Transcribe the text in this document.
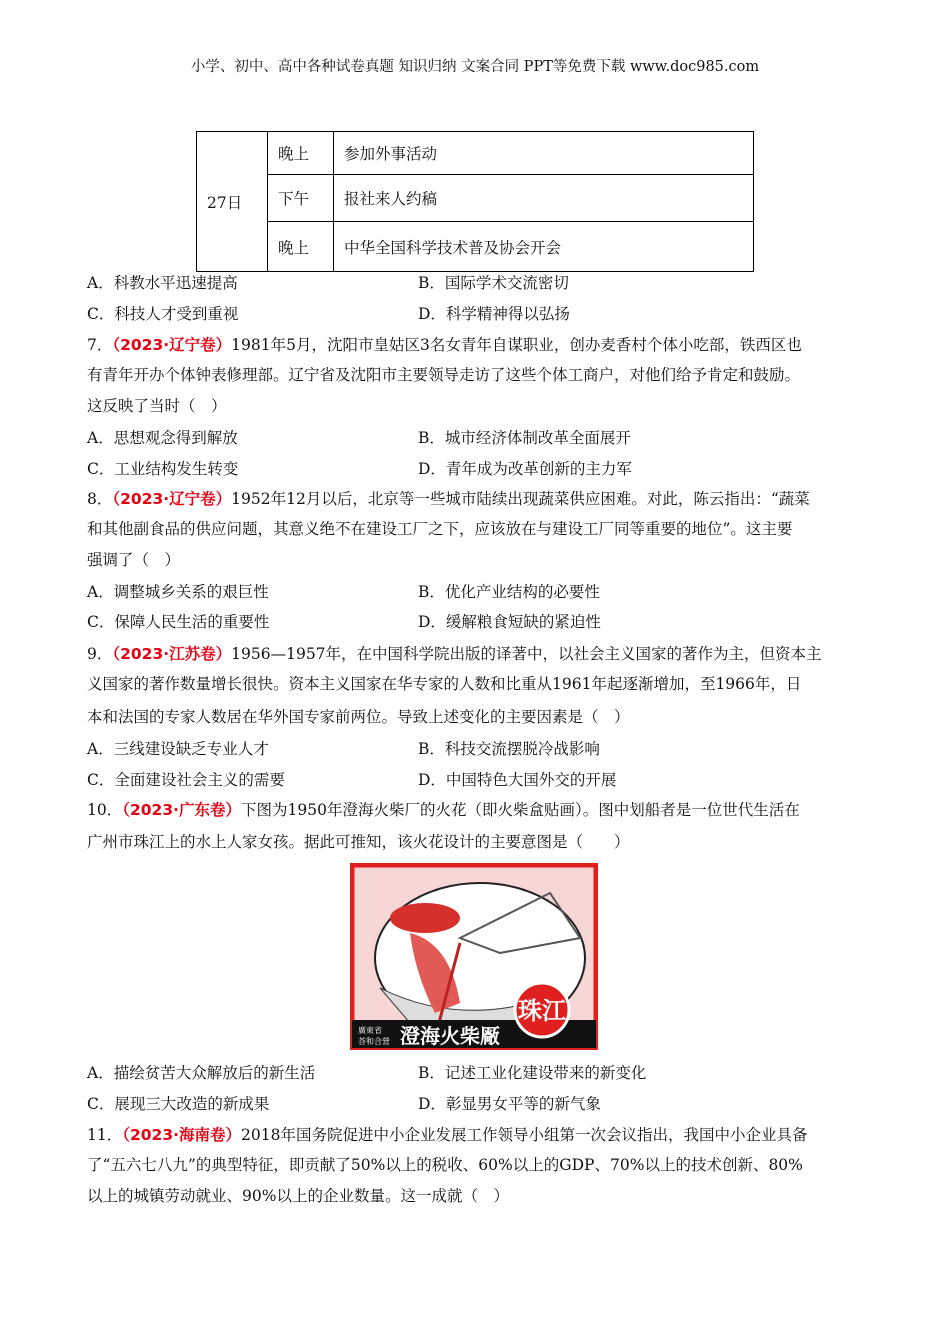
小学、初中、高中各种试卷真题 知识归纳 文案合同 PPT等免费下载 www.doc985.com
27日	晚上	参加外事活动
	下午	报社来人约稿
	晚上	中华全国科学技术普及协会开会
A．科教水平迅速提高	B．国际学术交流密切
C．科技人才受到重视	D．科学精神得以弘扬
7．（2023·辽宁卷）1981年5月，沈阳市皇姑区3名女青年自谋职业，创办麦香村个体小吃部，铁西区也
有青年开办个体钟表修理部。辽宁省及沈阳市主要领导走访了这些个体工商户，对他们给予肯定和鼓励。
这反映了当时（　）
A．思想观念得到解放	B．城市经济体制改革全面展开
C．工业结构发生转变	D．青年成为改革创新的主力军
8．（2023·辽宁卷）1952年12月以后，北京等一些城市陆续出现蔬菜供应困难。对此，陈云指出：“蔬菜
和其他副食品的供应问题，其意义绝不在建设工厂之下，应该放在与建设工厂同等重要的地位”。这主要
强调了（　）
A．调整城乡关系的艰巨性	B．优化产业结构的必要性
C．保障人民生活的重要性	D．缓解粮食短缺的紧迫性
9．（2023·江苏卷）1956—1957年，在中国科学院出版的译著中，以社会主义国家的著作为主，但资本主
义国家的著作数量增长很快。资本主义国家在华专家的人数和比重从1961年起逐渐增加，至1966年，日
本和法国的专家人数居在华外国专家前两位。导致上述变化的主要因素是（　）
A．三线建设缺乏专业人才	B．科技交流摆脱冷战影响
C．全面建设社会主义的需要	D．中国特色大国外交的开展
10．（2023·广东卷）下图为1950年澄海火柴厂的火花（即火柴盒贴画）。图中划船者是一位世代生活在
广州市珠江上的水上人家女孩。据此可推知，该火花设计的主要意图是（　　）
珠江
廣東省
荅和合營 澄海火柴厰
A．描绘贫苦大众解放后的新生活	B．记述工业化建设带来的新变化
C．展现三大改造的新成果	D．彰显男女平等的新气象
11．（2023·海南卷）2018年国务院促进中小企业发展工作领导小组第一次会议指出，我国中小企业具备
了“五六七八九”的典型特征，即贡献了50%以上的税收、60%以上的GDP、70%以上的技术创新、80%
以上的城镇劳动就业、90%以上的企业数量。这一成就（　）
